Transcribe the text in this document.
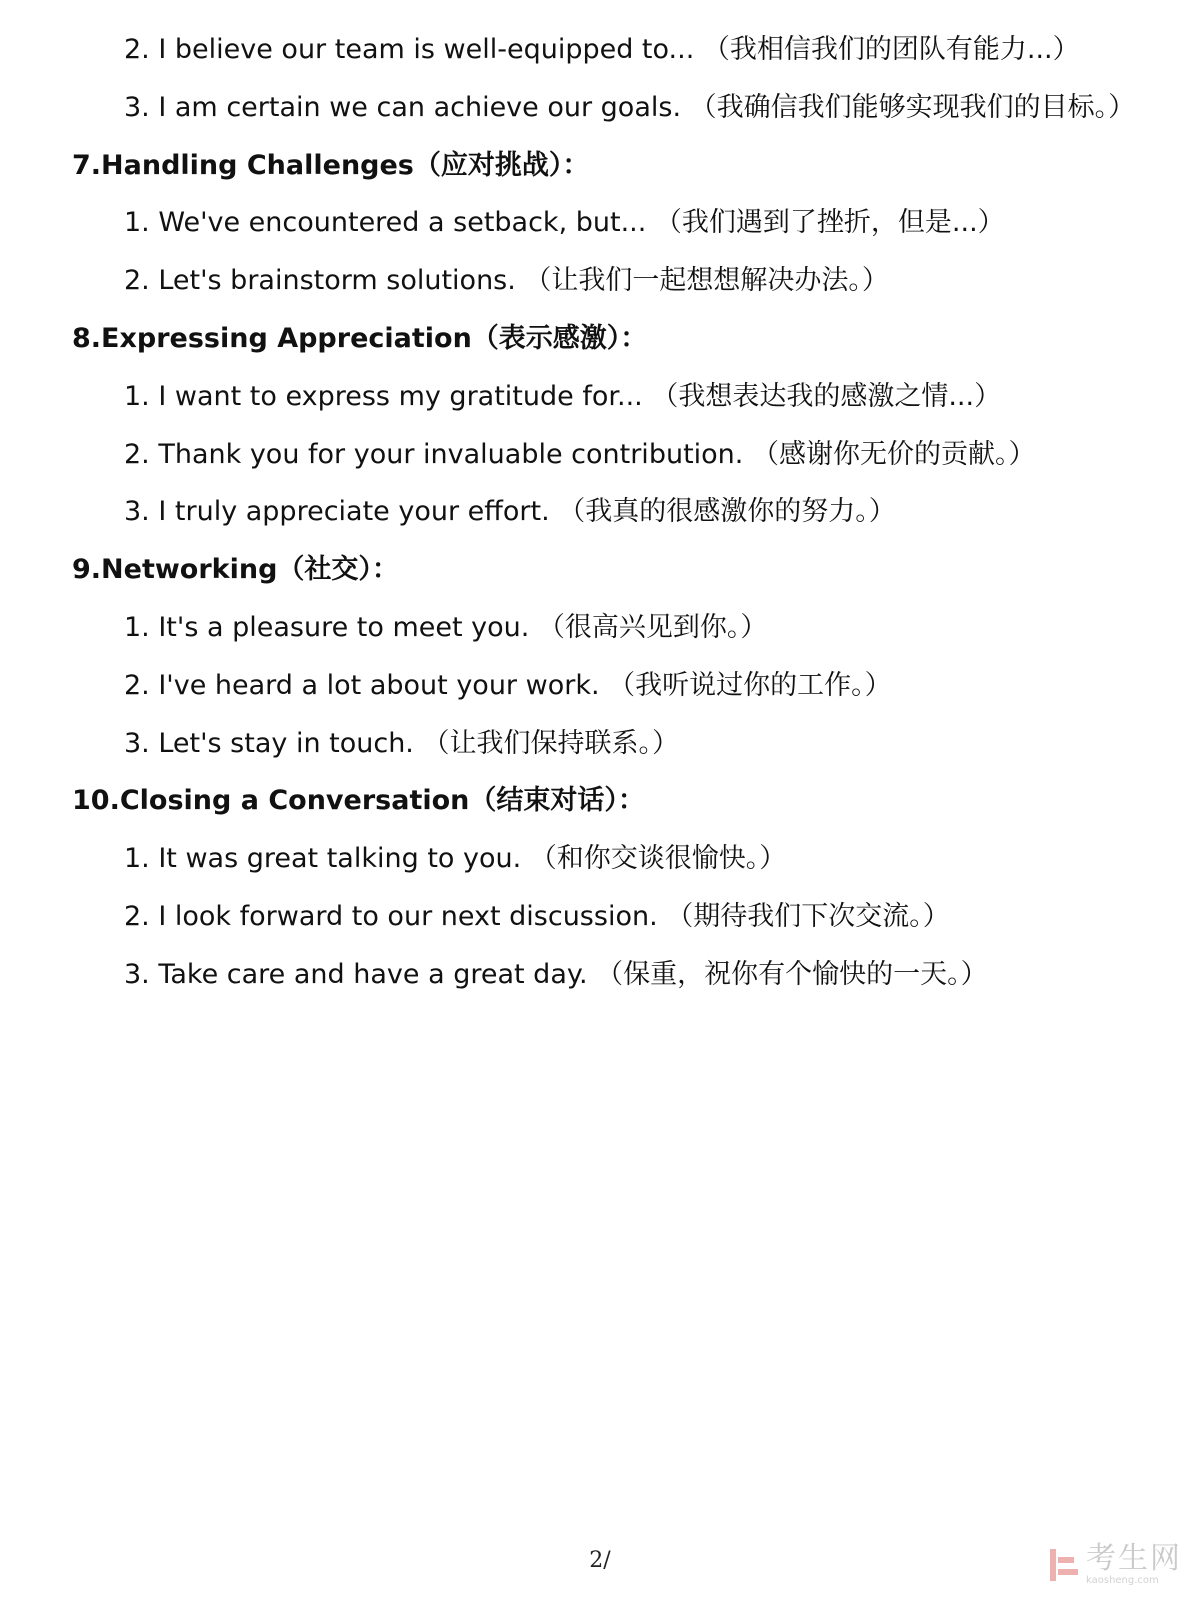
2. I believe our team is well-equipped to... （我相信我们的团队有能力...）
3. I am certain we can achieve our goals. （我确信我们能够实现我们的目标。）
7.Handling Challenges（应对挑战）：
1. We've encountered a setback, but... （我们遇到了挫折，但是...）
2. Let's brainstorm solutions. （让我们一起想想解决办法。）
8.Expressing Appreciation（表示感激）：
1. I want to express my gratitude for... （我想表达我的感激之情...）
2. Thank you for your invaluable contribution. （感谢你无价的贡献。）
3. I truly appreciate your effort. （我真的很感激你的努力。）
9.Networking（社交）：
1. It's a pleasure to meet you. （很高兴见到你。）
2. I've heard a lot about your work. （我听说过你的工作。）
3. Let's stay in touch. （让我们保持联系。）
10.Closing a Conversation（结束对话）：
1. It was great talking to you. （和你交谈很愉快。）
2. I look forward to our next discussion. （期待我们下次交流。）
3. Take care and have a great day. （保重，祝你有个愉快的一天。）
2/	考生网
kaosheng.com
